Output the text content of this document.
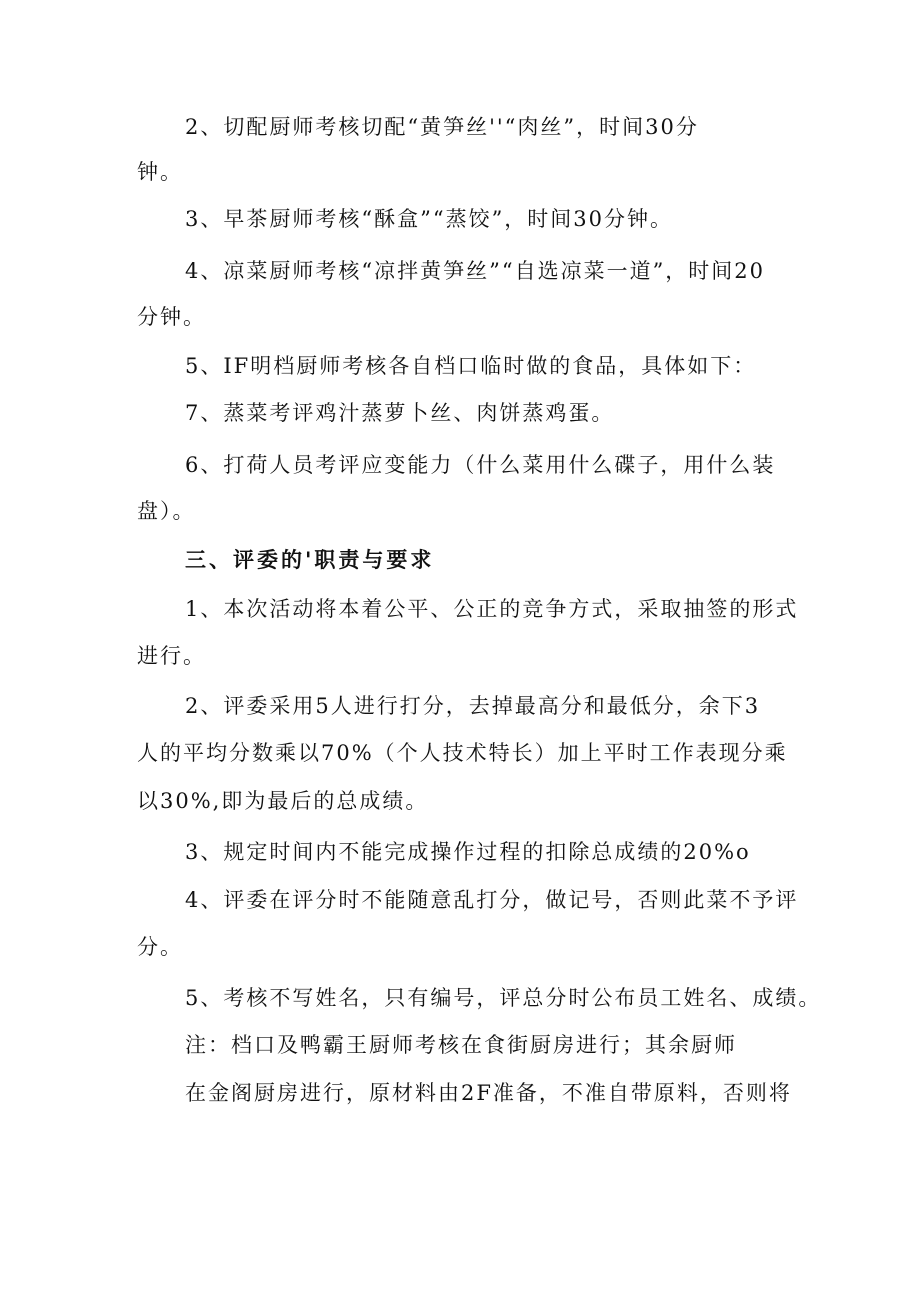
2、切配厨师考核切配“黄笋丝''“肉丝”，时间30分
钟。
3、早茶厨师考核“酥盒”“蒸饺”，时间30分钟。
4、凉菜厨师考核“凉拌黄笋丝”“自选凉菜一道”，时间20
分钟。
5、IF明档厨师考核各自档口临时做的食品，具体如下：
7、蒸菜考评鸡汁蒸萝卜丝、肉饼蒸鸡蛋。
6、打荷人员考评应变能力（什么菜用什么碟子，用什么装
盘）。
三、评委的'职责与要求
1、本次活动将本着公平、公正的竞争方式，采取抽签的形式
进行。
2、评委采用5人进行打分，去掉最高分和最低分，余下3
人的平均分数乘以70%（个人技术特长）加上平时工作表现分乘
以30%,即为最后的总成绩。
3、规定时间内不能完成操作过程的扣除总成绩的20%o
4、评委在评分时不能随意乱打分，做记号，否则此菜不予评
分。
5、考核不写姓名，只有编号，评总分时公布员工姓名、成绩。
注：档口及鸭霸王厨师考核在食街厨房进行；其余厨师
在金阁厨房进行，原材料由2F准备，不准自带原料，否则将
